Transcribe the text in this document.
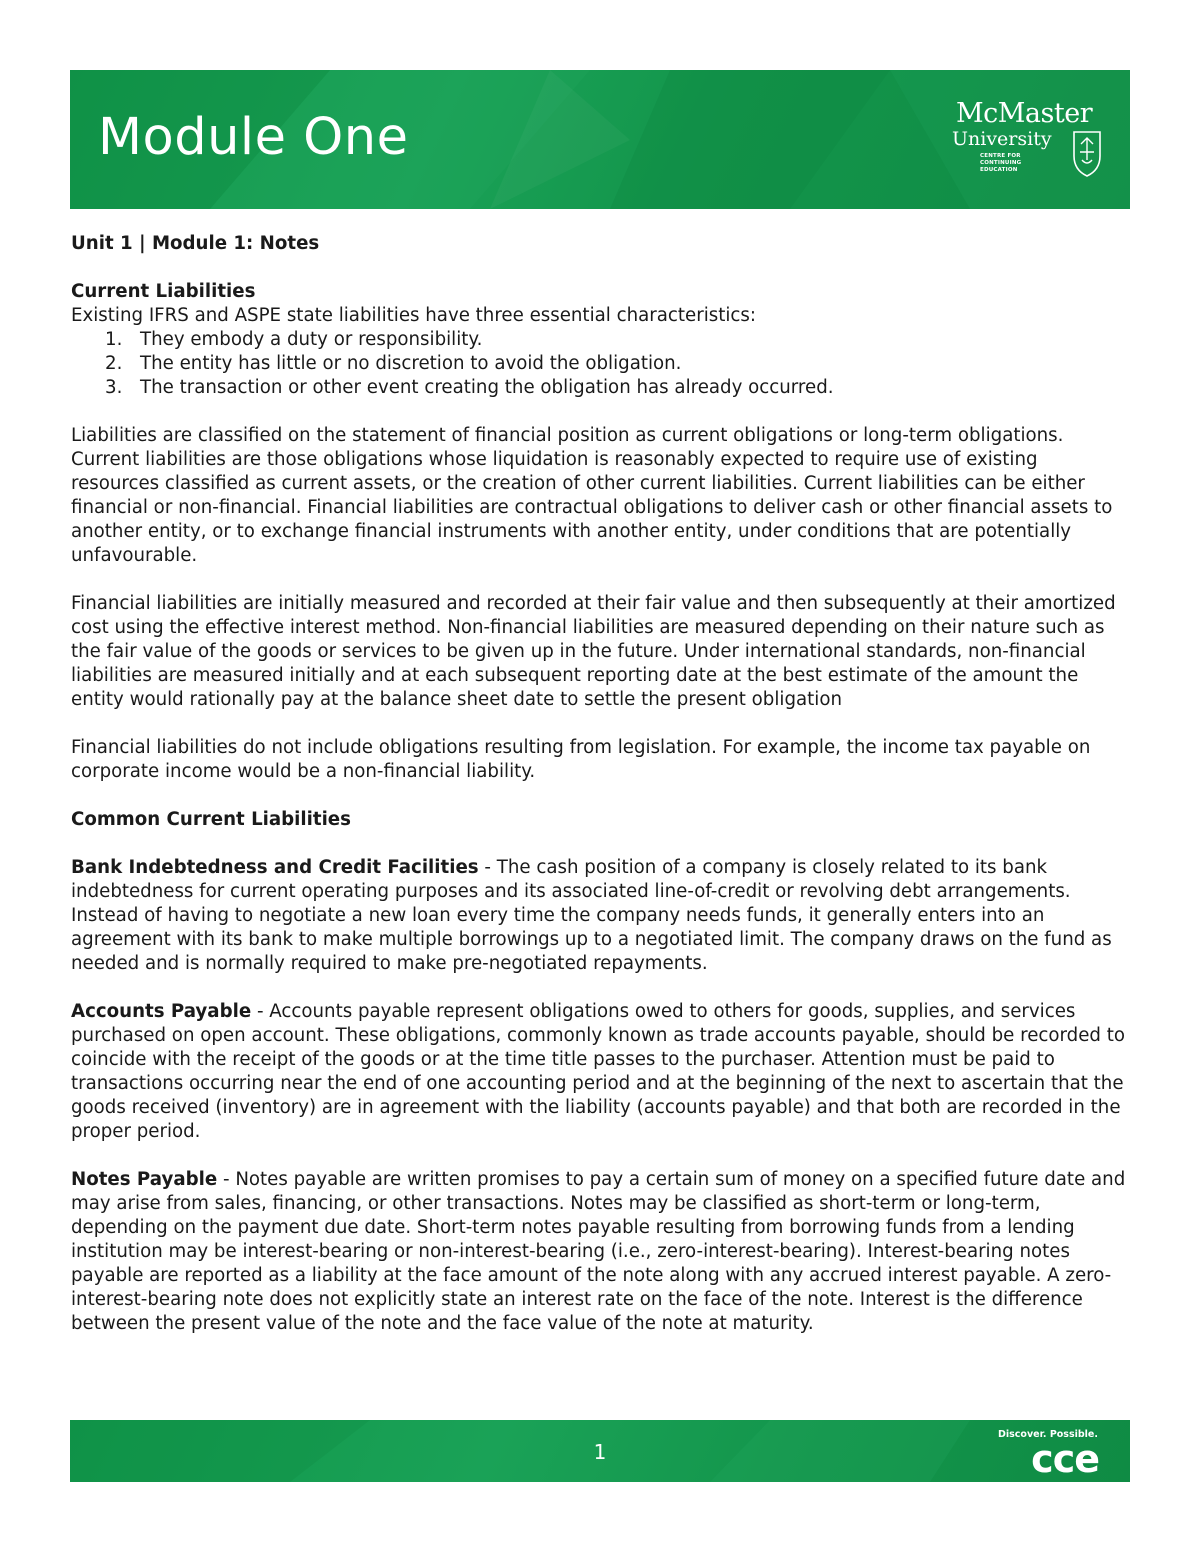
Module One	McMaster
University
CENTRE FOR
CONTINUING EDUCATION

Unit 1 | Module 1: Notes

Current Liabilities

Existing IFRS and ASPE state liabilities have three essential characteristics:

1. They embody a duty or responsibility.
2. The entity has little or no discretion to avoid the obligation.
3. The transaction or other event creating the obligation has already occurred.

Liabilities are classified on the statement of financial position as current obligations or long-term obligations. Current liabilities are those obligations whose liquidation is reasonably expected to require use of existing resources classified as current assets, or the creation of other current liabilities. Current liabilities can be either financial or non-financial. Financial liabilities are contractual obligations to deliver cash or other financial assets to another entity, or to exchange financial instruments with another entity, under conditions that are potentially unfavourable.

Financial liabilities are initially measured and recorded at their fair value and then subsequently at their amortized cost using the effective interest method. Non-financial liabilities are measured depending on their nature such as the fair value of the goods or services to be given up in the future. Under international standards, non-financial liabilities are measured initially and at each subsequent reporting date at the best estimate of the amount the entity would rationally pay at the balance sheet date to settle the present obligation

Financial liabilities do not include obligations resulting from legislation. For example, the income tax payable on corporate income would be a non-financial liability.

Common Current Liabilities

Bank Indebtedness and Credit Facilities - The cash position of a company is closely related to its bank indebtedness for current operating purposes and its associated line-of-credit or revolving debt arrangements. Instead of having to negotiate a new loan every time the company needs funds, it generally enters into an agreement with its bank to make multiple borrowings up to a negotiated limit. The company draws on the fund as needed and is normally required to make pre-negotiated repayments.

Accounts Payable - Accounts payable represent obligations owed to others for goods, supplies, and services purchased on open account. These obligations, commonly known as trade accounts payable, should be recorded to coincide with the receipt of the goods or at the time title passes to the purchaser. Attention must be paid to transactions occurring near the end of one accounting period and at the beginning of the next to ascertain that the goods received (inventory) are in agreement with the liability (accounts payable) and that both are recorded in the proper period.

Notes Payable - Notes payable are written promises to pay a certain sum of money on a specified future date and may arise from sales, financing, or other transactions. Notes may be classified as short-term or long-term, depending on the payment due date. Short-term notes payable resulting from borrowing funds from a lending institution may be interest-bearing or non-interest-bearing (i.e., zero-interest-bearing). Interest-bearing notes payable are reported as a liability at the face amount of the note along with any accrued interest payable. A zero-interest-bearing note does not explicitly state an interest rate on the face of the note. Interest is the difference between the present value of the note and the face value of the note at maturity.

1
Discover. Possible.
cce
